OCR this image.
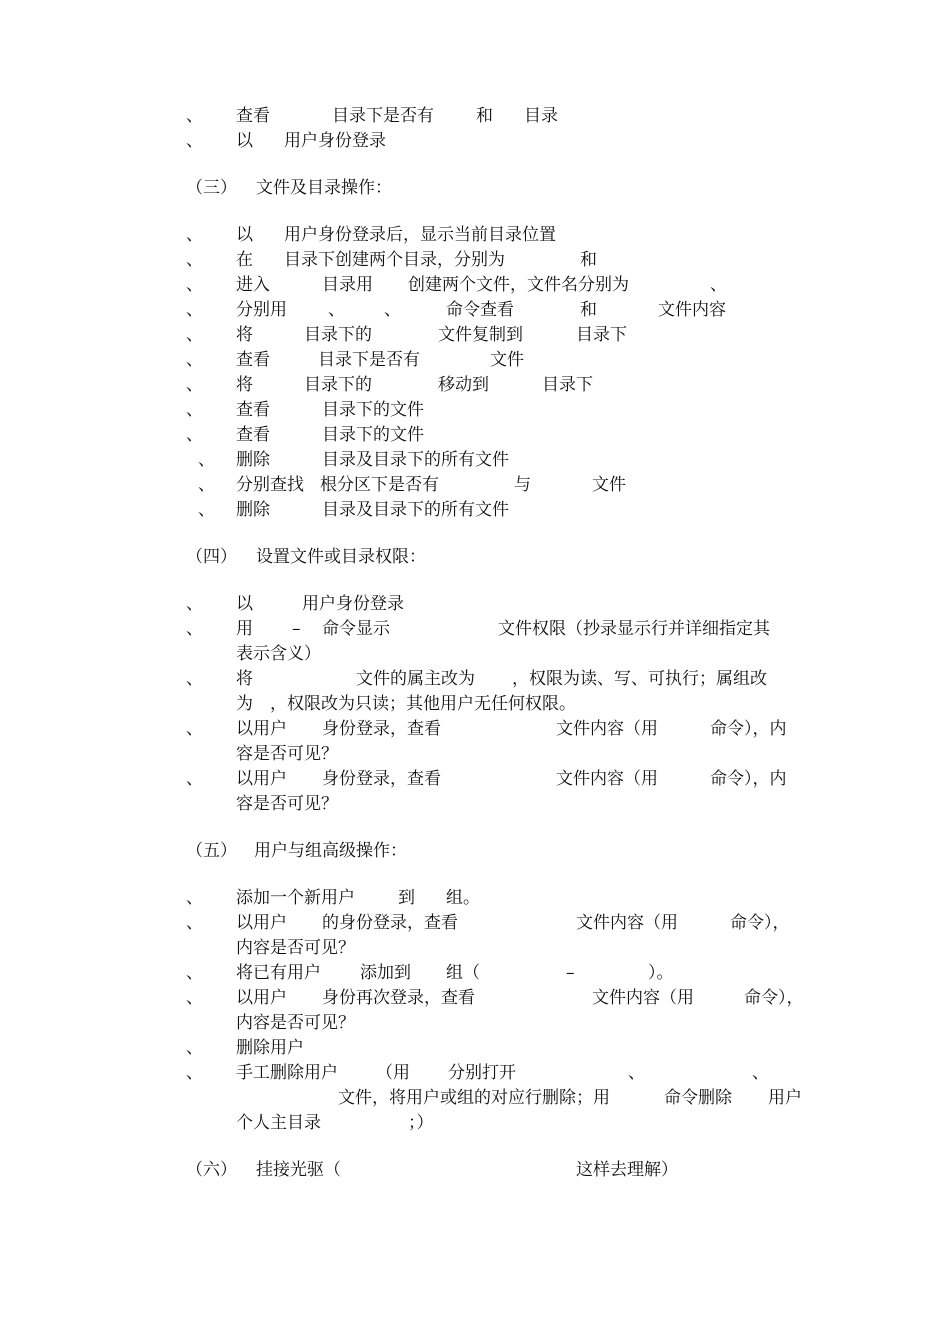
、 查看	目录下是否有 和 目录
、 以 用户身份登录
（三） 文件及目录操作：
、 以 用户身份登录后，显示当前目录位置
、 在 目录下创建两个目录，分别为	和
、 进入	目录用 创建两个文件，文件名分别为	、
、 分别用 、 、	命令查看	和	文件内容
、 将	目录下的	文件复制到	目录下
、 查看	目录下是否有	文件
、 将	目录下的	移动到	目录下
、 查看	目录下的文件
、 查看	目录下的文件
、 删除	目录及目录下的所有文件
、 分别查找 根分区下是否有	与	文件
、 删除	目录及目录下的所有文件
（四） 设置文件或目录权限：
、 以	用户身份登录
、 用 – 命令显示	文件权限（抄录显示行并详细指定其
表示含义）
、 将	文件的属主改为 ，权限为读、写、可执行；属组改
为 ，权限改为只读；其他用户无任何权限。
、 以用户 身份登录，查看	文件内容（用	命令），内
容是否可见？
、 以用户 身份登录，查看	文件内容（用	命令），内
容是否可见？
（五） 用户与组高级操作：
、 添加一个新用户	到 组。
、 以用户 的身份登录，查看	文件内容（用	命令），
内容是否可见？
、 将已有用户 添加到 组（	–	）。
、 以用户 身份再次登录，查看	文件内容（用	命令），
内容是否可见？
、 删除用户
、 手工删除用户 （用 分别打开	、	、
文件，将用户或组的对应行删除；用	命令删除 用户
个人主目录	；）
（六） 挂接光驱（	这样去理解）
